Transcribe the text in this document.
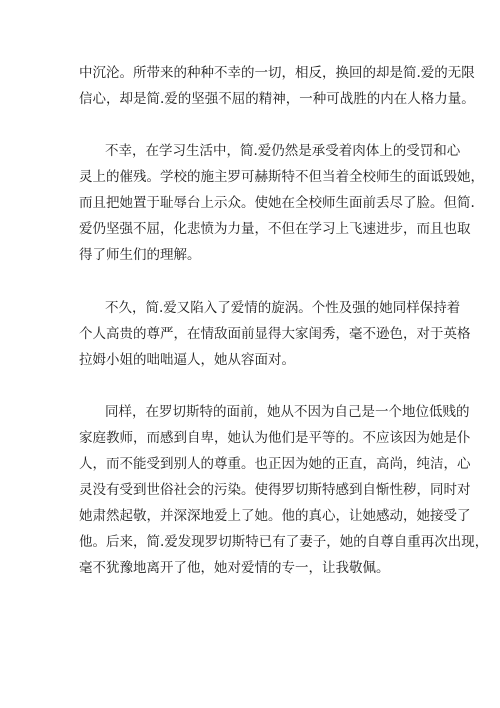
中沉沦。所带来的种种不幸的一切，相反，换回的却是简.爱的无限
信心，却是简.爱的坚强不屈的精神，一种可战胜的内在人格力量。
不幸，在学习生活中，简.爱仍然是承受着肉体上的受罚和心
灵上的催残。学校的施主罗可赫斯特不但当着全校师生的面诋毁她，
而且把她置于耻辱台上示众。使她在全校师生面前丢尽了脸。但简.
爱仍坚强不屈，化悲愤为力量，不但在学习上飞速进步，而且也取
得了师生们的理解。
不久，简.爱又陷入了爱情的旋涡。个性及强的她同样保持着
个人高贵的尊严，在情敌面前显得大家闺秀，毫不逊色，对于英格
拉姆小姐的咄咄逼人，她从容面对。
同样，在罗切斯特的面前，她从不因为自己是一个地位低贱的
家庭教师，而感到自卑，她认为他们是平等的。不应该因为她是仆
人，而不能受到别人的尊重。也正因为她的正直，高尚，纯洁，心
灵没有受到世俗社会的污染。使得罗切斯特感到自惭性秽，同时对
她肃然起敬，并深深地爱上了她。他的真心，让她感动，她接受了
他。后来，简.爱发现罗切斯特已有了妻子，她的自尊自重再次出现，
毫不犹豫地离开了他，她对爱情的专一，让我敬佩。
